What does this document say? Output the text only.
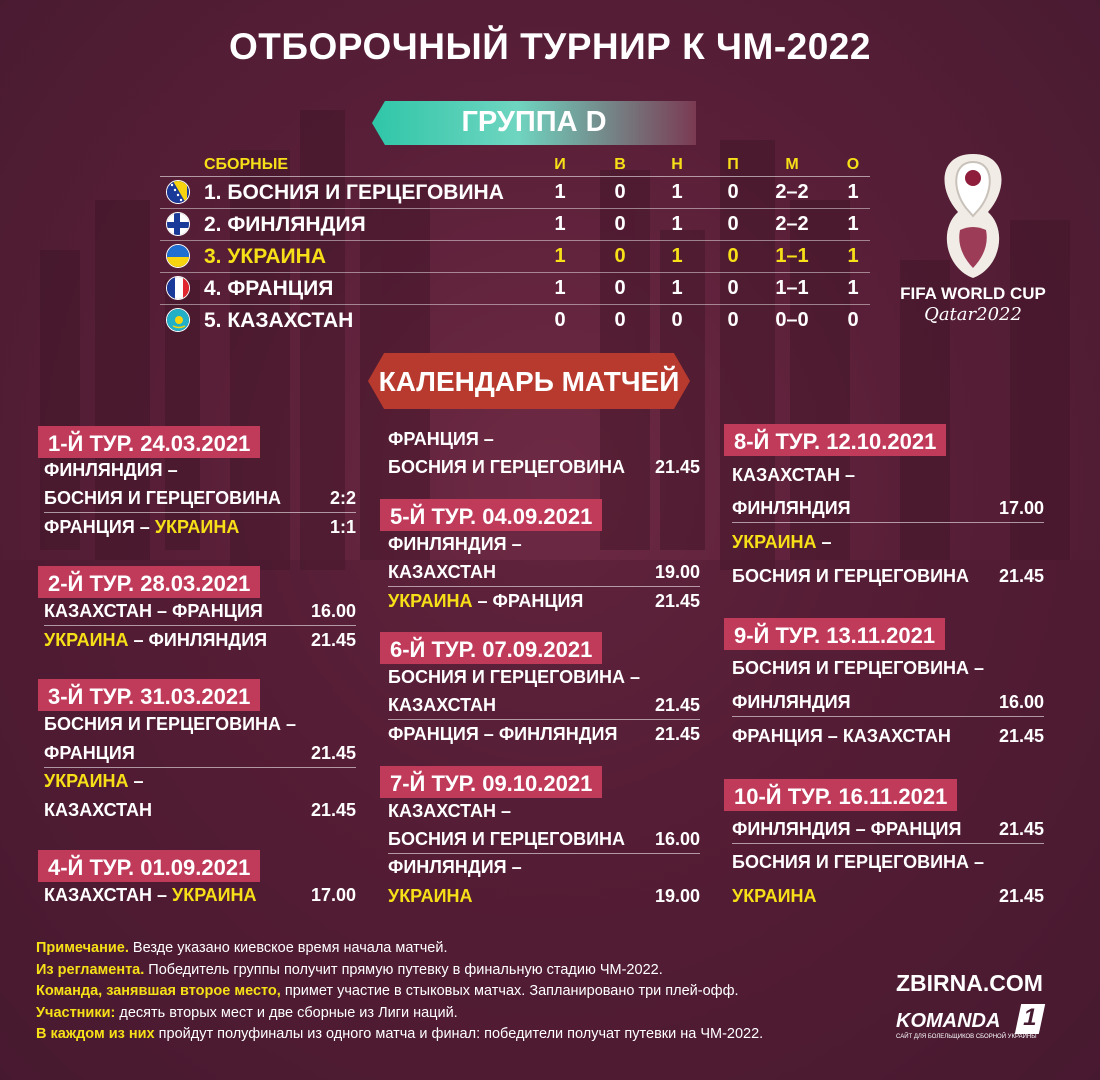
ОТБОРОЧНЫЙ ТУРНИР К ЧМ-2022
ГРУППА D
СБОРНЫЕ	И	В	Н	П	М	О
1. БОСНИЯ И ГЕРЦЕГОВИНА	1	0	1	0	2–2	1
2. ФИНЛЯНДИЯ	1	0	1	0	2–2	1
3. УКРАИНА	1	0	1	0	1–1	1
4. ФРАНЦИЯ	1	0	1	0	1–1	1
5. КАЗАХСТАН	0	0	0	0	0–0	0
FIFA WORLD CUP
Qatar2022
КАЛЕНДАРЬ МАТЧЕЙ
1-Й ТУР. 24.03.2021
ФИНЛЯНДИЯ –
БОСНИЯ И ГЕРЦЕГОВИНА	2:2
ФРАНЦИЯ – УКРАИНА	1:1
2-Й ТУР. 28.03.2021
КАЗАХСТАН – ФРАНЦИЯ	16.00
УКРАИНА – ФИНЛЯНДИЯ 21.45
3-Й ТУР. 31.03.2021
БОСНИЯ И ГЕРЦЕГОВИНА –
ФРАНЦИЯ	21.45
УКРАИНА –
КАЗАХСТАН	21.45
4-Й ТУР. 01.09.2021
КАЗАХСТАН – УКРАИНА	17.00
ФРАНЦИЯ –
БОСНИЯ И ГЕРЦЕГОВИНА 21.45
5-Й ТУР. 04.09.2021
ФИНЛЯНДИЯ –
КАЗАХСТАН	19.00
УКРАИНА – ФРАНЦИЯ	21.45
6-Й ТУР. 07.09.2021
БОСНИЯ И ГЕРЦЕГОВИНА –
КАЗАХСТАН	21.45
ФРАНЦИЯ – ФИНЛЯНДИЯ 21.45
7-Й ТУР. 09.10.2021
КАЗАХСТАН –
БОСНИЯ И ГЕРЦЕГОВИНА 16.00
ФИНЛЯНДИЯ –
УКРАИНА	19.00
8-Й ТУР. 12.10.2021
КАЗАХСТАН –
ФИНЛЯНДИЯ	17.00
УКРАИНА –
БОСНИЯ И ГЕРЦЕГОВИНА 21.45
9-Й ТУР. 13.11.2021
БОСНИЯ И ГЕРЦЕГОВИНА –
ФИНЛЯНДИЯ	16.00
ФРАНЦИЯ – КАЗАХСТАН	21.45
10-Й ТУР. 16.11.2021
ФИНЛЯНДИЯ – ФРАНЦИЯ 21.45
БОСНИЯ И ГЕРЦЕГОВИНА –
УКРАИНА	21.45
Примечание. Везде указано киевское время начала матчей.
Из регламента. Победитель группы получит прямую путевку в финальную стадию ЧМ-2022.
Команда, занявшая второе место, примет участие в стыковых матчах. Запланировано три плей-офф.
Участники: десять вторых мест и две сборные из Лиги наций.
В каждом из них пройдут полуфиналы из одного матча и финал: победители получат путевки на ЧМ-2022.
ZBIRNA.COM
KOMANDA 1
САЙТ ДЛЯ БОЛЕЛЬЩИКОВ СБОРНОЙ УКРАИНЫ
